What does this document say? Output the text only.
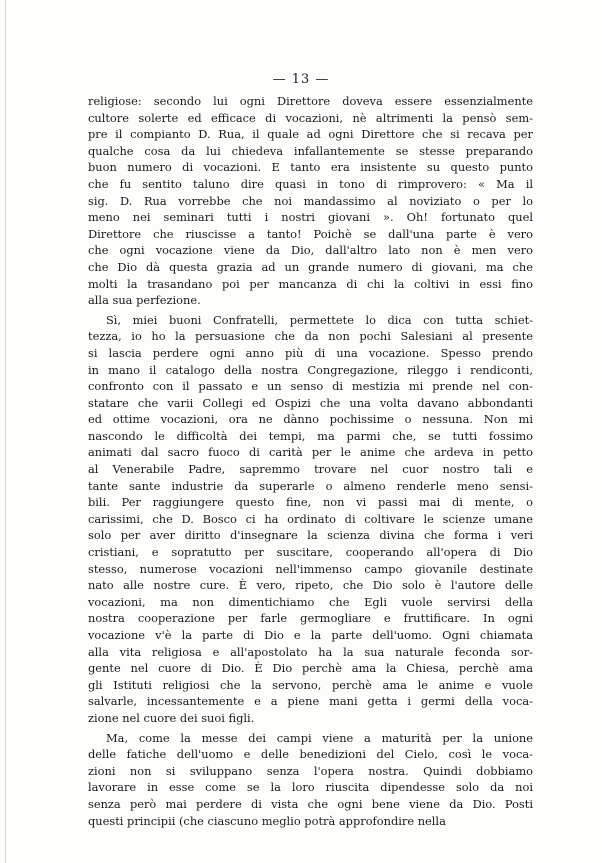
— 13 —
religiose: secondo lui ogni Direttore doveva essere essenzialmente
cultore solerte ed efficace di vocazioni, nè altrimenti la pensò sem-
pre il compianto D. Rua, il quale ad ogni Direttore che si recava per
qualche cosa da lui chiedeva infallantemente se stesse preparando
buon numero di vocazioni. E tanto era insistente su questo punto
che fu sentito taluno dire quasi in tono di rimprovero: « Ma il
sig. D. Rua vorrebbe che noi mandassimo al noviziato o per lo
meno nei seminari tutti i nostri giovani ». Oh! fortunato quel
Direttore che riuscisse a tanto! Poichè se dall'una parte è vero
che ogni vocazione viene da Dio, dall'altro lato non è men vero
che Dio dà questa grazia ad un grande numero di giovani, ma che
molti la trasandano poi per mancanza di chi la coltivi in essi fino
alla sua perfezione.
Sì, miei buoni Confratelli, permettete lo dica con tutta schiet-
tezza, io ho la persuasione che da non pochi Salesiani al presente
si lascia perdere ogni anno più di una vocazione. Spesso prendo
in mano il catalogo della nostra Congregazione, rileggo i rendiconti,
confronto con il passato e un senso di mestizia mi prende nel con-
statare che varii Collegi ed Ospizi che una volta davano abbondanti
ed ottime vocazioni, ora ne dànno pochissime o nessuna. Non mi
nascondo le difficoltà dei tempi, ma parmi che, se tutti fossimo
animati dal sacro fuoco di carità per le anime che ardeva in petto
al Venerabile Padre, sapremmo trovare nel cuor nostro tali e
tante sante industrie da superarle o almeno renderle meno sensi-
bili. Per raggiungere questo fine, non vi passi mai di mente, o
carissimi, che D. Bosco ci ha ordinato di coltivare le scienze umane
solo per aver diritto d'insegnare la scienza divina che forma i veri
cristiani, e sopratutto per suscitare, cooperando all'opera di Dio
stesso, numerose vocazioni nell'immenso campo giovanile destinate
nato alle nostre cure. È vero, ripeto, che Dio solo è l'autore delle
vocazioni, ma non dimentichiamo che Egli vuole servirsi della
nostra cooperazione per farle germogliare e fruttificare. In ogni
vocazione v'è la parte di Dio e la parte dell'uomo. Ogni chiamata
alla vita religiosa e all'apostolato ha la sua naturale feconda sor-
gente nel cuore di Dio. È Dio perchè ama la Chiesa, perchè ama
gli Istituti religiosi che la servono, perchè ama le anime e vuole
salvarle, incessantemente e a piene mani getta i germi della voca-
zione nel cuore dei suoi figli.
Ma, come la messe dei campi viene a maturità per la unione
delle fatiche dell'uomo e delle benedizioni del Cielo, così le voca-
zioni non si sviluppano senza l'opera nostra. Quindi dobbiamo
lavorare in esse come se la loro riuscita dipendesse solo da noi
senza però mai perdere di vista che ogni bene viene da Dio. Posti
questi principii (che ciascuno meglio potrà approfondire nella
